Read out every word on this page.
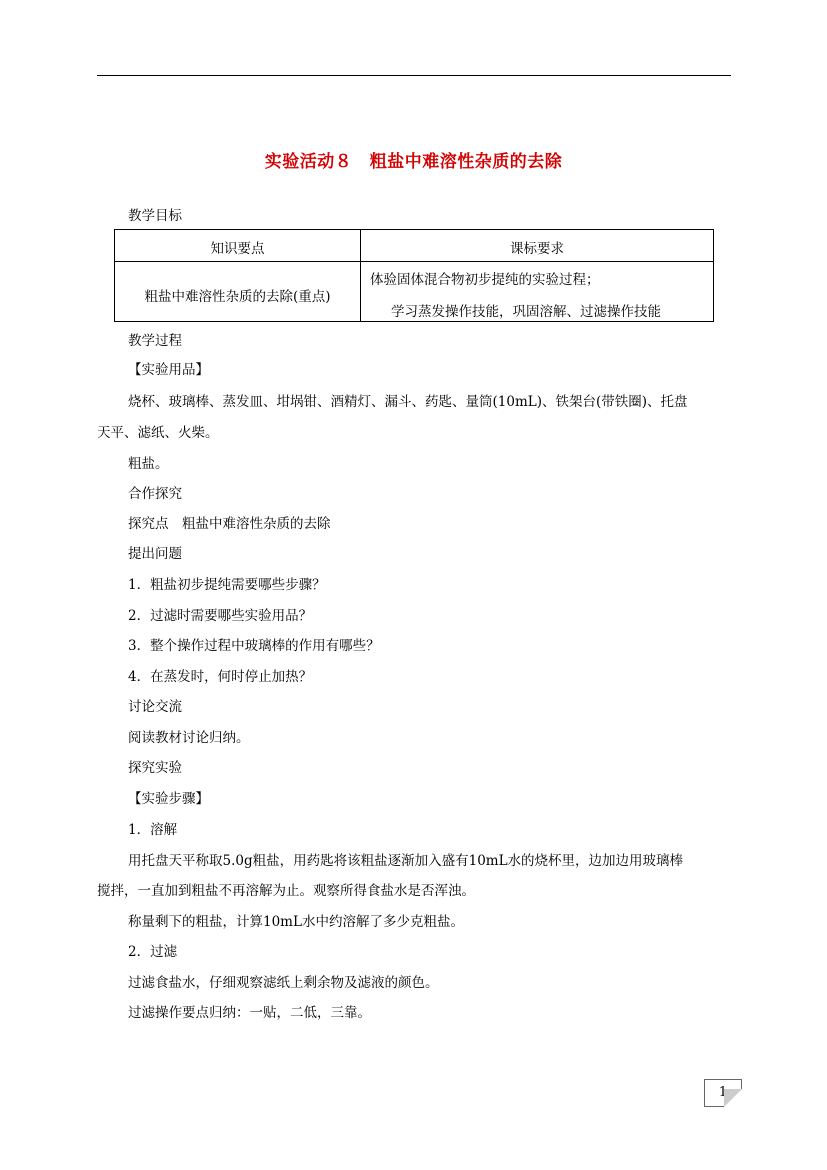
实验活动８　粗盐中难溶性杂质的去除
教学目标
知识要点	课标要求
粗盐中难溶性杂质的去除(重点)
体验固体混合物初步提纯的实验过程；
学习蒸发操作技能，巩固溶解、过滤操作技能
教学过程
【实验用品】
烧杯、玻璃棒、蒸发皿、坩埚钳、酒精灯、漏斗、药匙、量筒(10mL)、铁架台(带铁圈)、托盘
天平、滤纸、火柴。
粗盐。
合作探究
探究点　粗盐中难溶性杂质的去除
提出问题
1．粗盐初步提纯需要哪些步骤？
2．过滤时需要哪些实验用品？
3．整个操作过程中玻璃棒的作用有哪些？
4．在蒸发时，何时停止加热？
讨论交流
阅读教材讨论归纳。
探究实验
【实验步骤】
1．溶解
用托盘天平称取5.0g粗盐，用药匙将该粗盐逐渐加入盛有10mL水的烧杯里，边加边用玻璃棒
搅拌，一直加到粗盐不再溶解为止。观察所得食盐水是否浑浊。
称量剩下的粗盐，计算10mL水中约溶解了多少克粗盐。
2．过滤
过滤食盐水，仔细观察滤纸上剩余物及滤液的颜色。
过滤操作要点归纳：一贴，二低，三靠。
1
